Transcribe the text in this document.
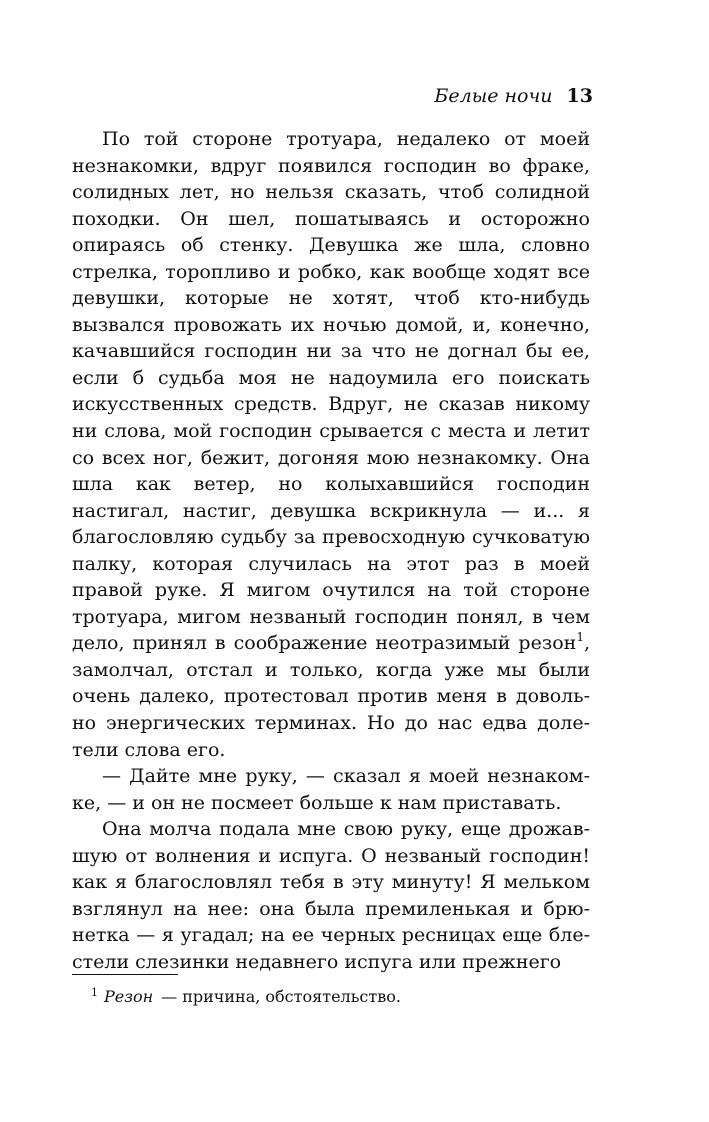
Белые ночи 13

По той стороне тротуара, недалеко от моей незнакомки, вдруг появился господин во фраке, солидных лет, но нельзя сказать, чтоб солидной походки. Он шел, пошатываясь и осторожно опираясь об стенку. Девушка же шла, словно стрелка, торопливо и робко, как вообще ходят все девушки, которые не хотят, чтоб кто-нибудь вызвался провожать их ночью домой, и, конечно, качавшийся господин ни за что не догнал бы ее, если б судьба моя не надоумила его поискать искусственных средств. Вдруг, не сказав никому ни слова, мой господин срывается с места и летит со всех ног, бежит, догоняя мою незнакомку. Она шла как ветер, но колыхавшийся господин настигал, настиг, девушка вскрикнула — и... я благословляю судьбу за превосходную сучковатую палку, которая случилась на этот раз в моей правой руке. Я мигом очутился на той стороне тротуара, мигом незваный господин понял, в чем дело, принял в соображение неотразимый резон$^1$, замолчал, отстал и только, когда уже мы были очень далеко, протестовал против меня в довольно энергических терминах. Но до нас едва долетели слова его.

— Дайте мне руку, — сказал я моей незнакомке, — и он не посмеет больше к нам приставать.

Она молча подала мне свою руку, еще дрожавшую от волнения и испуга. О незваный господин! как я благословлял тебя в эту минуту! Я мельком взглянул на нее: она была премиленькая и брюнетка — я угадал; на ее черных ресницах еще блестели слезинки недавнего испуга или прежнего

$^1$ Резон — причина, обстоятельство.
